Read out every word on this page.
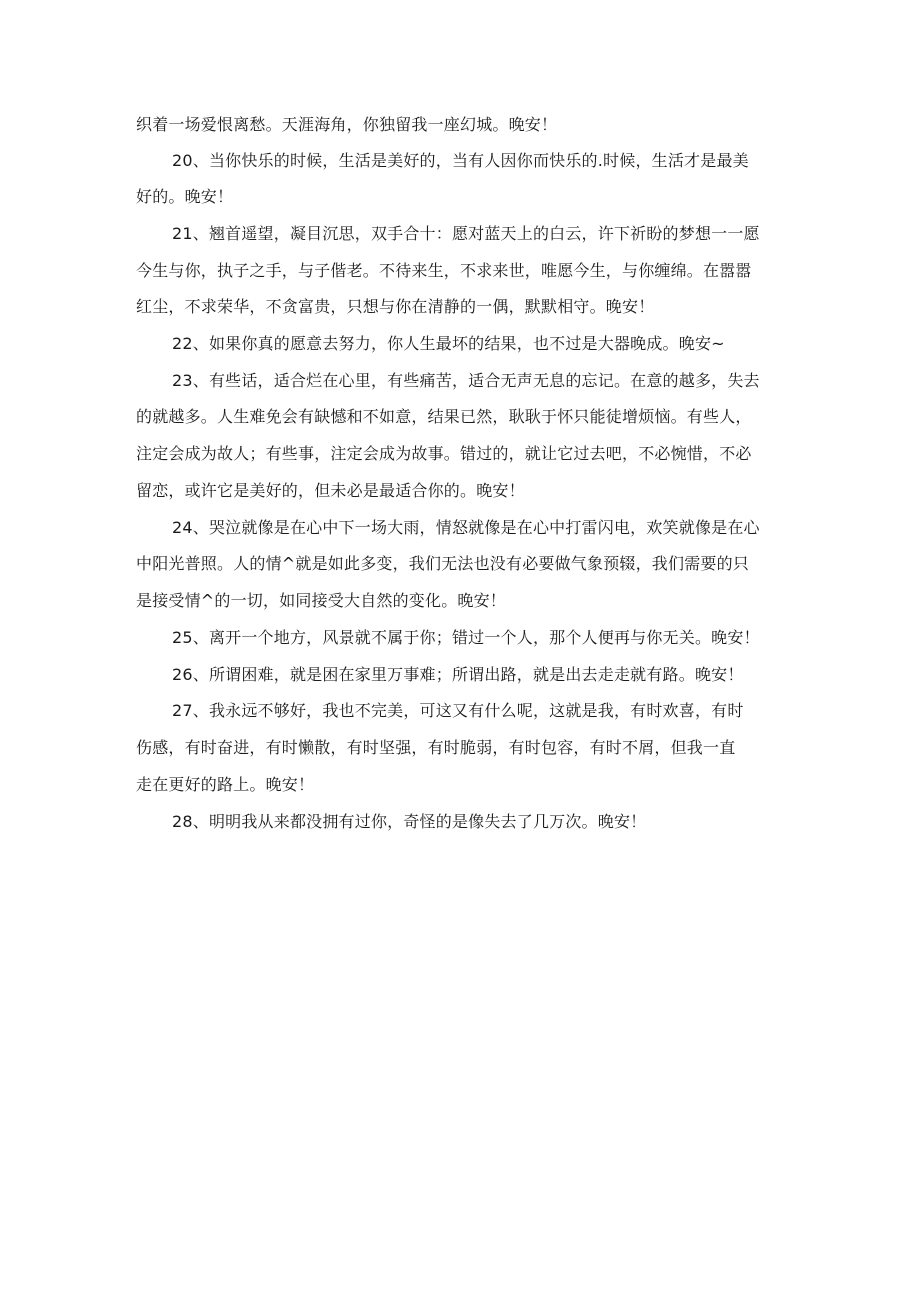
织着一场爱恨离愁。天涯海角，你独留我一座幻城。晚安！

20、当你快乐的时候，生活是美好的，当有人因你而快乐的.时候，生活才是最美

好的。晚安！

21、翘首遥望，凝目沉思，双手合十：愿对蓝天上的白云，许下祈盼的梦想一一愿

今生与你，执子之手，与子偕老。不待来生，不求来世，唯愿今生，与你缠绵。在嚣嚣

红尘，不求荣华，不贪富贵，只想与你在清静的一偶，默默相守。晚安！

22、如果你真的愿意去努力，你人生最坏的结果，也不过是大器晚成。晚安~

23、有些话，适合烂在心里，有些痛苦，适合无声无息的忘记。在意的越多，失去

的就越多。人生难免会有缺憾和不如意，结果已然，耿耿于怀只能徒增烦恼。有些人，

注定会成为故人；有些事，注定会成为故事。错过的，就让它过去吧，不必惋惜，不必

留恋，或许它是美好的，但未必是最适合你的。晚安！

24、哭泣就像是在心中下一场大雨，情怒就像是在心中打雷闪电，欢笑就像是在心

中阳光普照。人的情^就是如此多变，我们无法也没有必要做气象预辍，我们需要的只

是接受情^的一切，如同接受大自然的变化。晚安！

25、离开一个地方，风景就不属于你；错过一个人，那个人便再与你无关。晚安！

26、所谓困难，就是困在家里万事难；所谓出路，就是出去走走就有路。晚安！

27、我永远不够好，我也不完美，可这又有什么呢，这就是我，有时欢喜，有时

伤感，有时奋进，有时懒散，有时坚强，有时脆弱，有时包容，有时不屑，但我一直

走在更好的路上。晚安！

28、明明我从来都没拥有过你，奇怪的是像失去了几万次。晚安！
